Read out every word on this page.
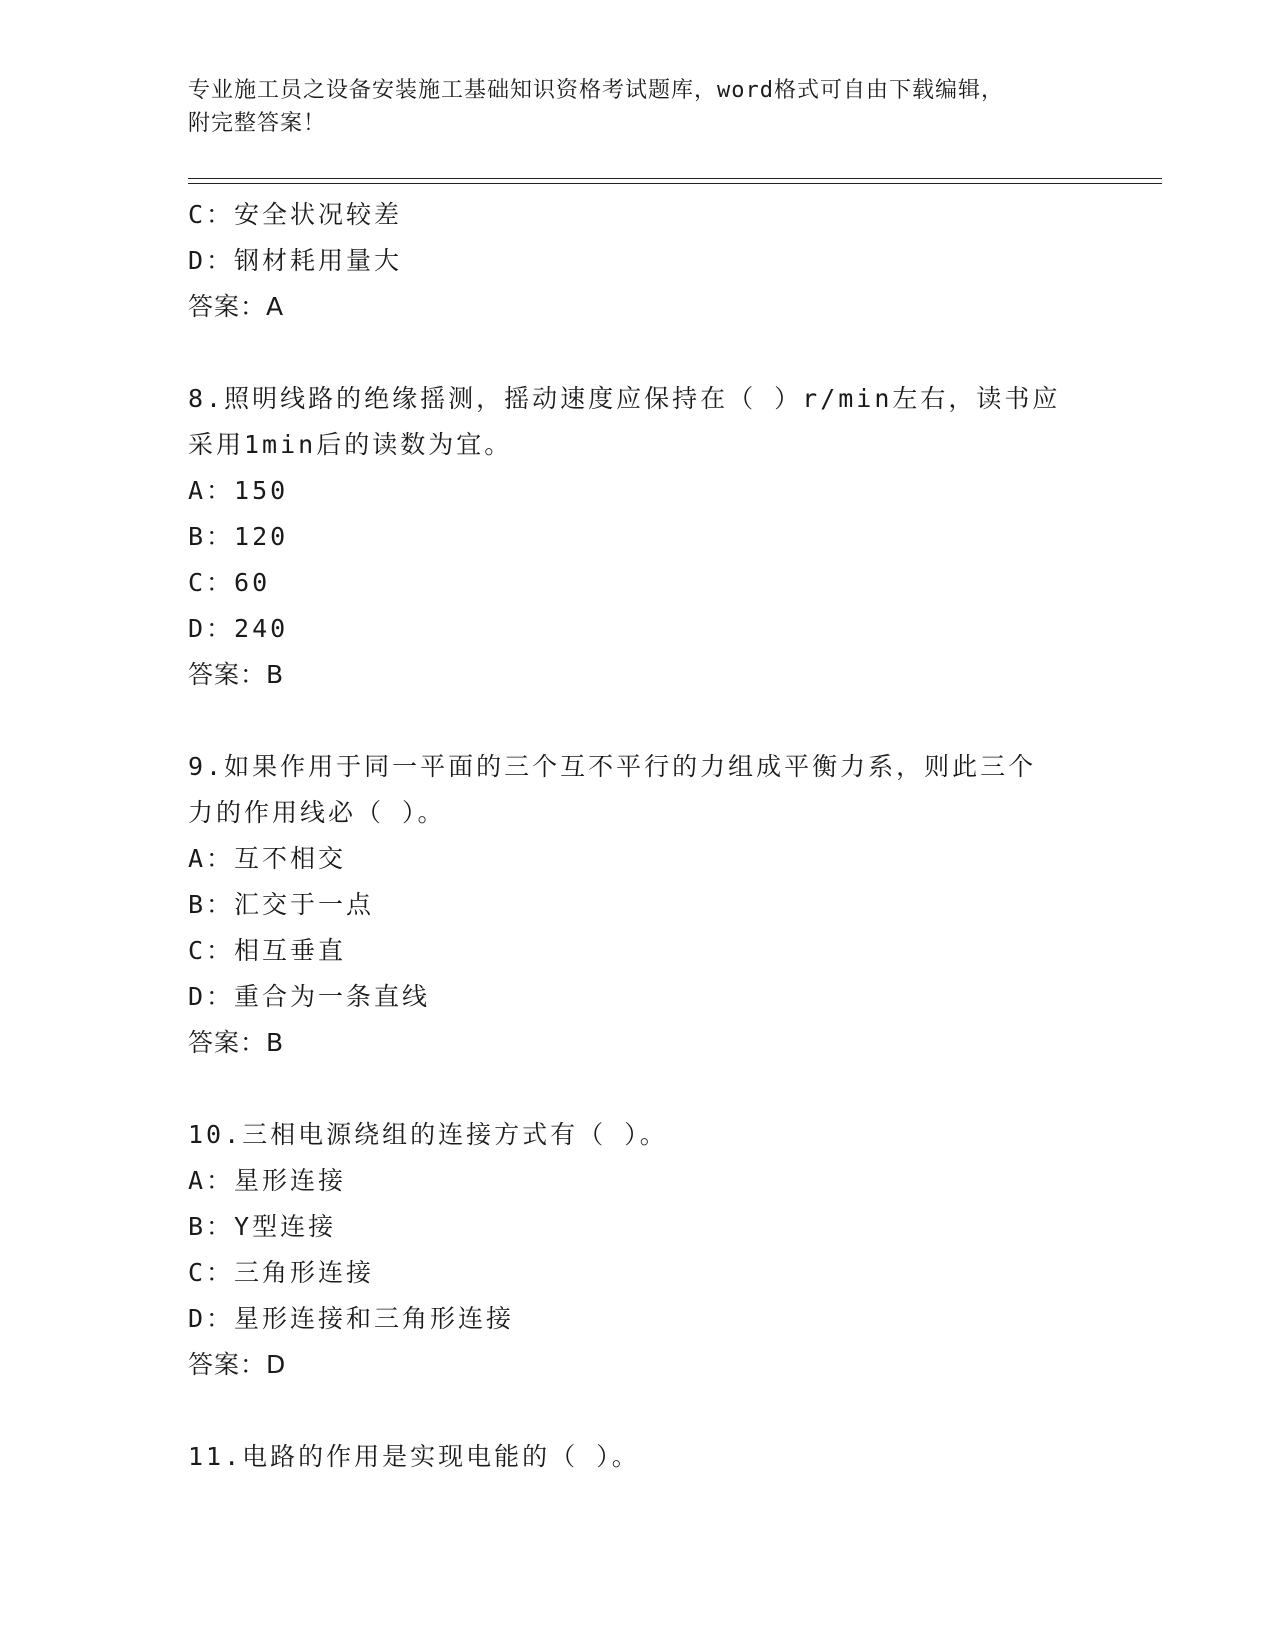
专业施工员之设备安装施工基础知识资格考试题库，word格式可自由下载编辑，
附完整答案！
C：安全状况较差
D：钢材耗用量大
答案：A
8.照明线路的绝缘摇测，摇动速度应保持在（ ）r/min左右，读书应
采用1min后的读数为宜。
A：150
B：120
C：60
D：240
答案：B
9.如果作用于同一平面的三个互不平行的力组成平衡力系，则此三个
力的作用线必（ ）。
A：互不相交
B：汇交于一点
C：相互垂直
D：重合为一条直线
答案：B
10.三相电源绕组的连接方式有（ ）。
A：星形连接
B：Y型连接
C：三角形连接
D：星形连接和三角形连接
答案：D
11.电路的作用是实现电能的（ ）。
